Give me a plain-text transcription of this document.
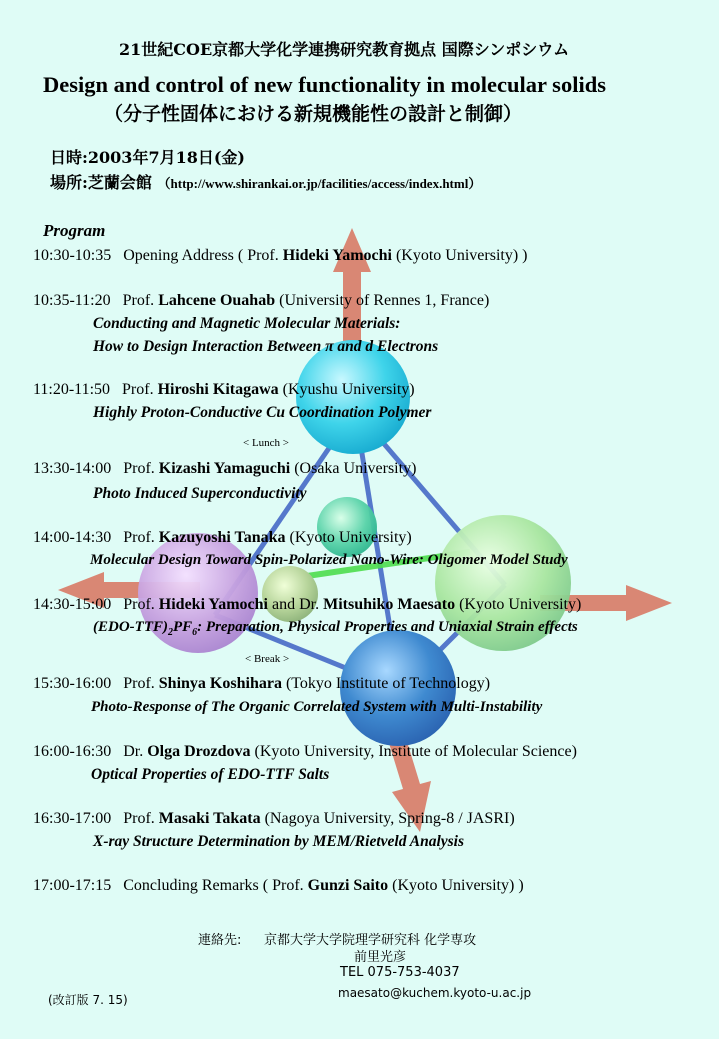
21世紀COE京都大学化学連携研究教育拠点 国際シンポシウム
Design and control of new functionality in molecular solids
（分子性固体における新規機能性の設計と制御）
日時:2003年7月18日(金)
場所:芝蘭会館 （http://www.shirankai.or.jp/facilities/access/index.html）
Program
10:30-10:35 Opening Address ( Prof. Hideki Yamochi (Kyoto University) )
10:35-11:20 Prof. Lahcene Ouahab (University of Rennes 1, France)
Conducting and Magnetic Molecular Materials:
How to Design Interaction Between π and d Electrons
11:20-11:50 Prof. Hiroshi Kitagawa (Kyushu University)
Highly Proton-Conductive Cu Coordination Polymer
< Lunch >
13:30-14:00 Prof. Kizashi Yamaguchi (Osaka University)
Photo Induced Superconductivity
14:00-14:30   Prof. Kazuyoshi Tanaka (Kyoto University)
Molecular Design Toward Spin-Polarized Nano-Wire: Oligomer Model Study
14:30-15:00   Prof. Hideki Yamochi and Dr. Mitsuhiko Maesato (Kyoto University)
$(EDO-TTF)_2PF_6$: Preparation, Physical Properties and Uniaxial Strain effects
< Break >
15:30-16:00 Prof. Shinya Koshihara (Tokyo Institute of Technology)
Photo-Response of The Organic Correlated System with Multi-Instability
16:00-16:30   Dr. Olga Drozdova (Kyoto University, Institute of Molecular Science)
Optical Properties of EDO-TTF Salts
16:30-17:00 Prof. Masaki Takata (Nagoya University, Spring-8 / JASRI)
X-ray Structure Determination by MEM/Rietveld Analysis
17:00-17:15 Concluding Remarks ( Prof. Gunzi Saito (Kyoto University) )
連絡先: 京都大学大学院理学研究科 化学専攻
前里光彦
TEL 075-753-4037
maesato@kuchem.kyoto-u.ac.jp
(改訂版 7. 15)
